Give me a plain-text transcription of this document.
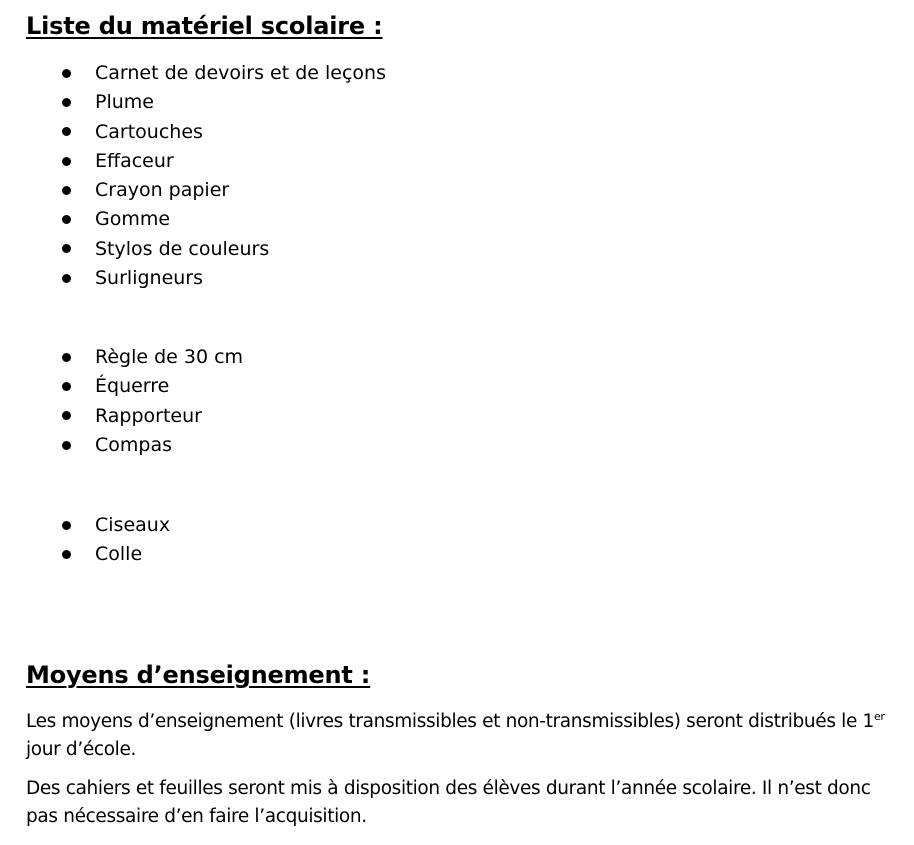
Liste du matériel scolaire :
Carnet de devoirs et de leçons
Plume
Cartouches
Effaceur
Crayon papier
Gomme
Stylos de couleurs
Surligneurs
Règle de 30 cm
Équerre
Rapporteur
Compas
Ciseaux
Colle
Moyens d’enseignement :

Les moyens d’enseignement (livres transmissibles et non-transmissibles) seront distribués le 1er jour d’école.

Des cahiers et feuilles seront mis à disposition des élèves durant l’année scolaire. Il n’est donc pas nécessaire d’en faire l’acquisition.
